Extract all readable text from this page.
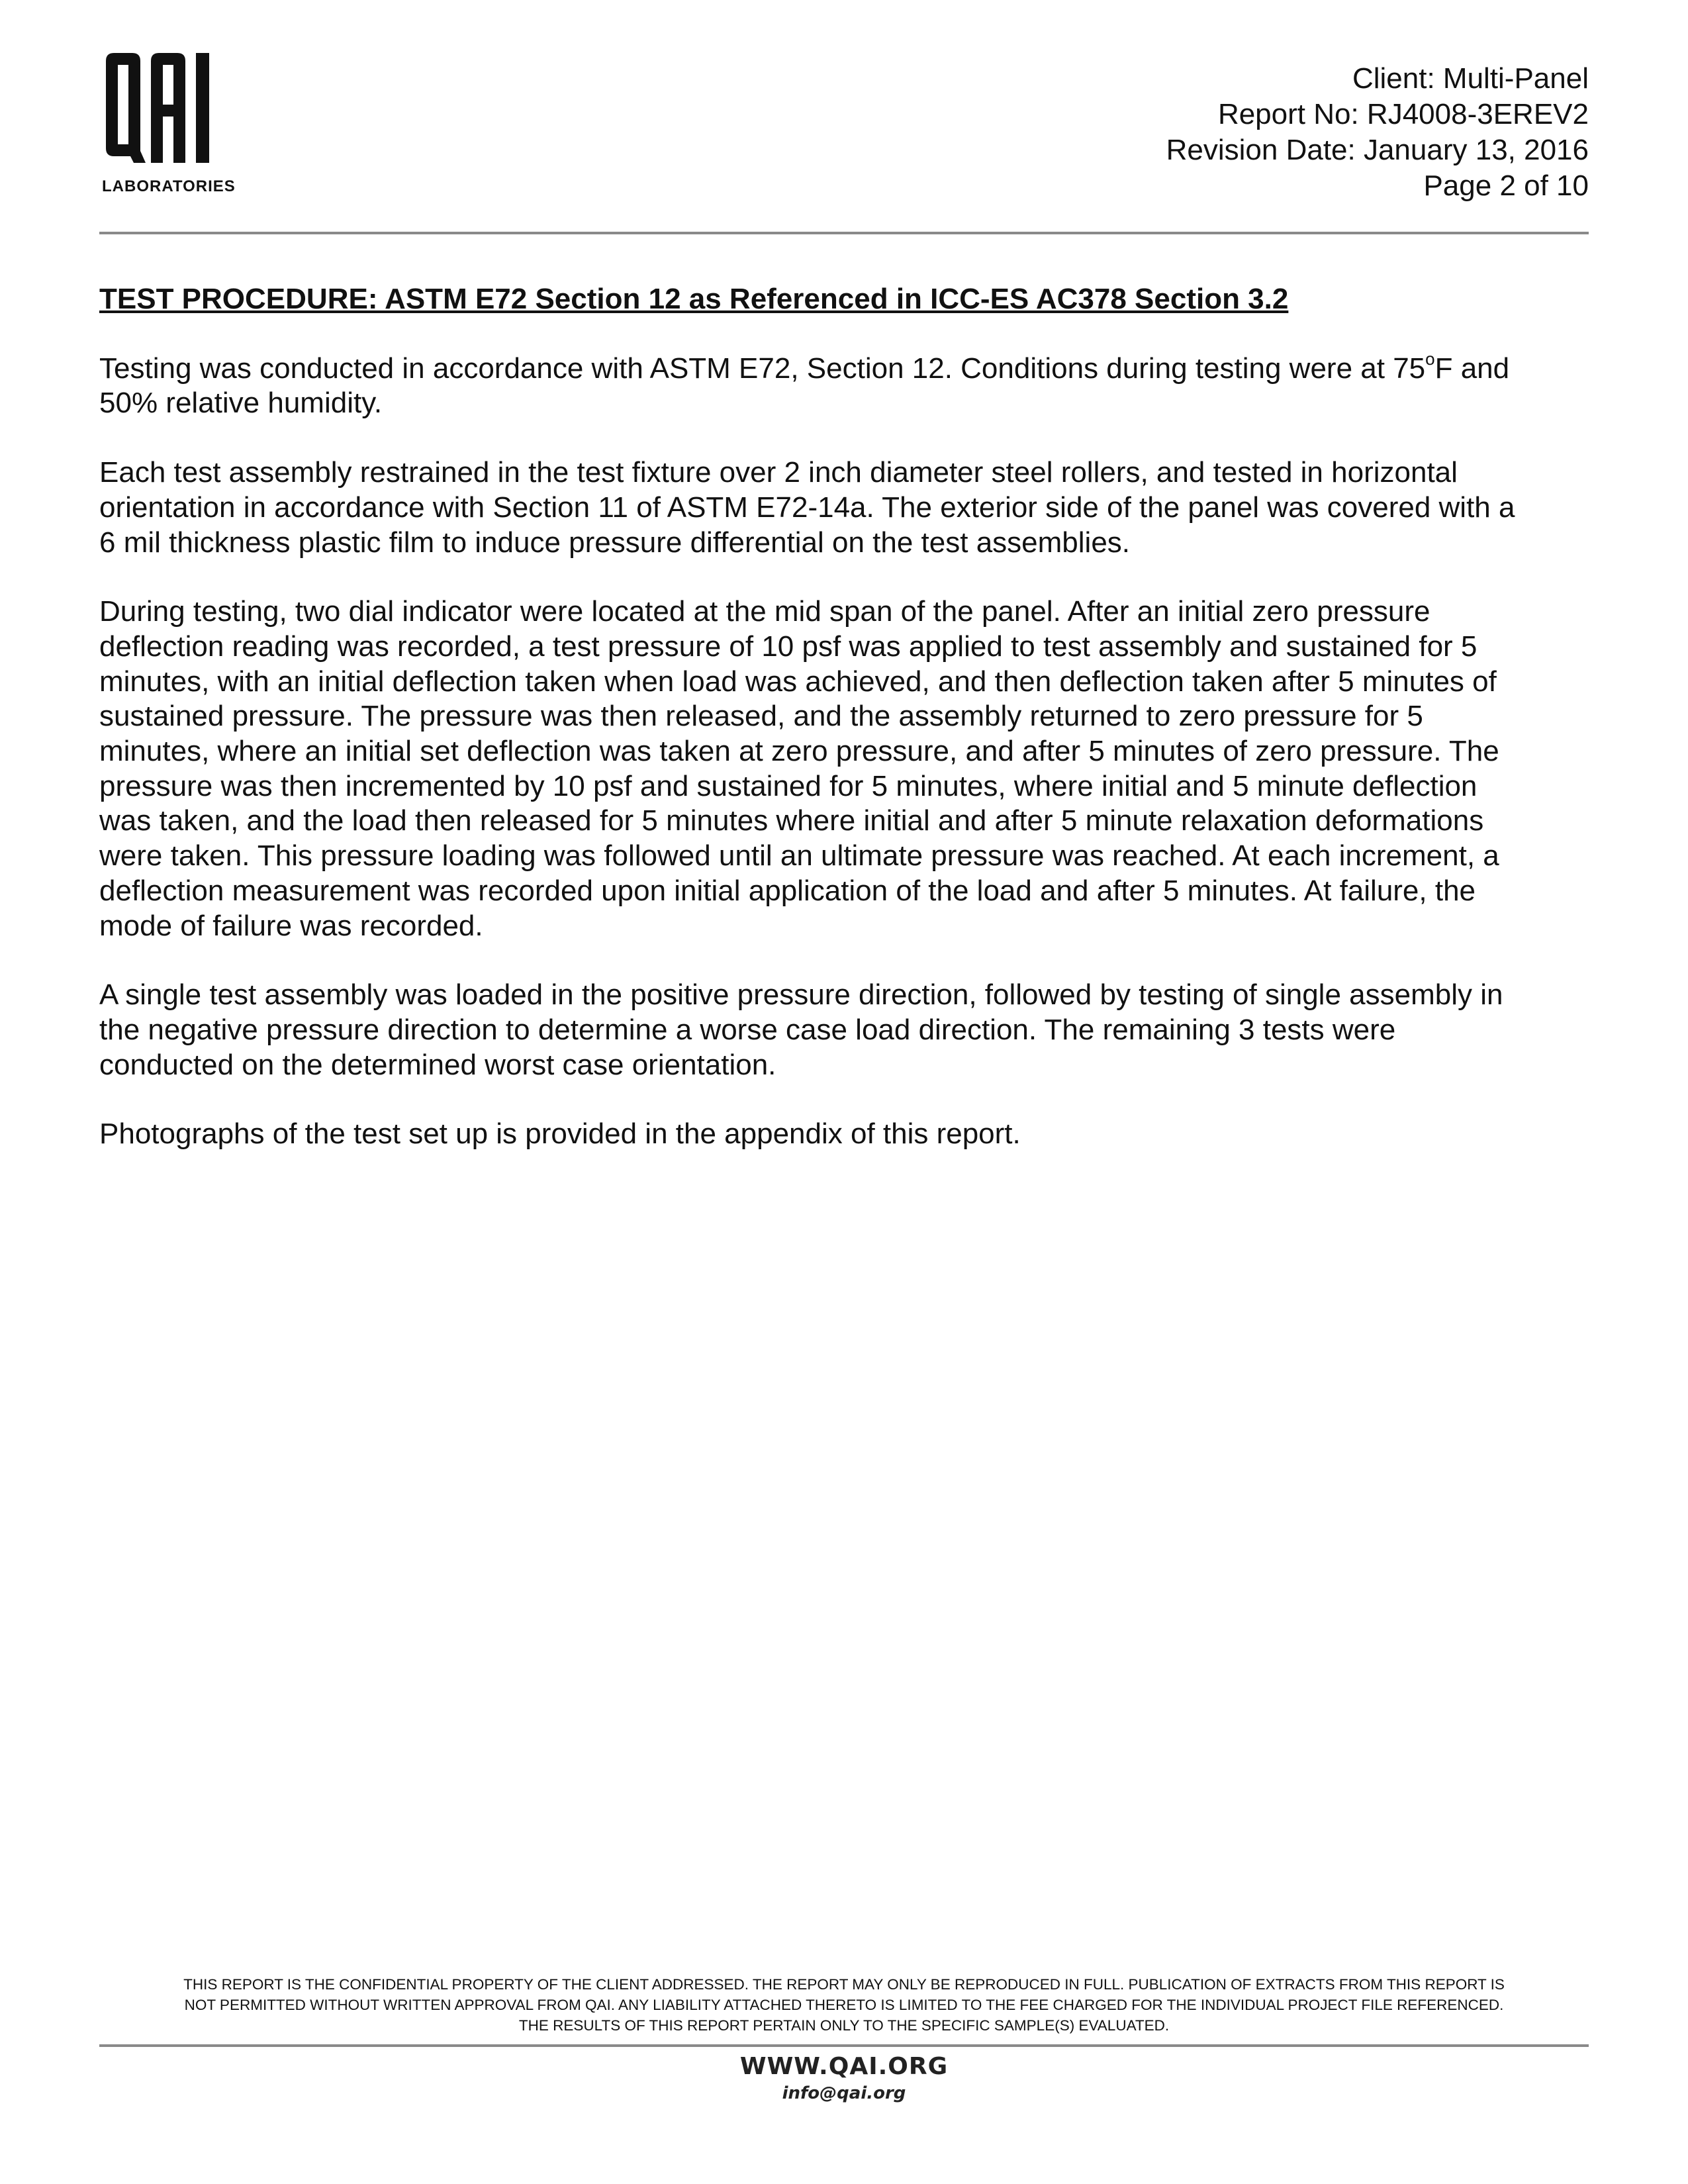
LABORATORIES
Client: Multi-Panel
Report No: RJ4008-3EREV2
Revision Date: January 13, 2016
Page 2 of 10
TEST PROCEDURE: ASTM E72 Section 12 as Referenced in ICC-ES AC378 Section 3.2

Testing was conducted in accordance with ASTM E72, Section 12. Conditions during testing were at 75$^o$F and
50% relative humidity.

Each test assembly restrained in the test fixture over 2 inch diameter steel rollers, and tested in horizontal
orientation in accordance with Section 11 of ASTM E72-14a. The exterior side of the panel was covered with a
6 mil thickness plastic film to induce pressure differential on the test assemblies.

During testing, two dial indicator were located at the mid span of the panel. After an initial zero pressure
deflection reading was recorded, a test pressure of 10 psf was applied to test assembly and sustained for 5
minutes, with an initial deflection taken when load was achieved, and then deflection taken after 5 minutes of
sustained pressure. The pressure was then released, and the assembly returned to zero pressure for 5
minutes, where an initial set deflection was taken at zero pressure, and after 5 minutes of zero pressure. The
pressure was then incremented by 10 psf and sustained for 5 minutes, where initial and 5 minute deflection
was taken, and the load then released for 5 minutes where initial and after 5 minute relaxation deformations
were taken. This pressure loading was followed until an ultimate pressure was reached. At each increment, a
deflection measurement was recorded upon initial application of the load and after 5 minutes. At failure, the
mode of failure was recorded.

A single test assembly was loaded in the positive pressure direction, followed by testing of single assembly in
the negative pressure direction to determine a worse case load direction. The remaining 3 tests were
conducted on the determined worst case orientation.

Photographs of the test set up is provided in the appendix of this report.

THIS REPORT IS THE CONFIDENTIAL PROPERTY OF THE CLIENT ADDRESSED. THE REPORT MAY ONLY BE REPRODUCED IN FULL. PUBLICATION OF EXTRACTS FROM THIS REPORT IS
NOT PERMITTED WITHOUT WRITTEN APPROVAL FROM QAI. ANY LIABILITY ATTACHED THERETO IS LIMITED TO THE FEE CHARGED FOR THE INDIVIDUAL PROJECT FILE REFERENCED.
THE RESULTS OF THIS REPORT PERTAIN ONLY TO THE SPECIFIC SAMPLE(S) EVALUATED.
WWW.QAI.ORG
info@qai.org
